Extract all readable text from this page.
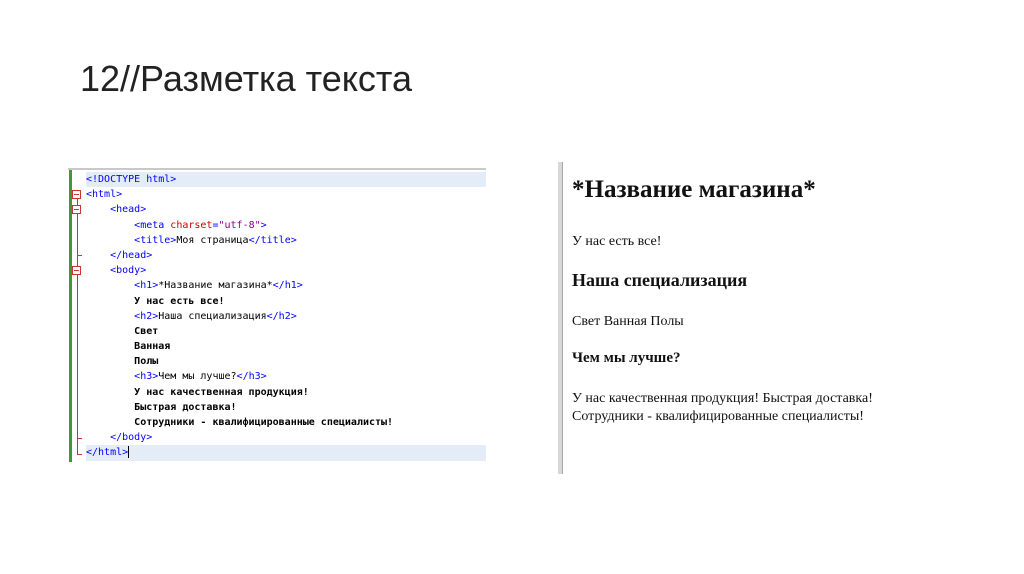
12//Разметка текста
<!DOCTYPE html>
<html>
<head>
<meta charset="utf-8">
<title>Моя страница</title>
</head>
<body>
<h1>*Название магазина*</h1>
У нас есть все!
<h2>Наша специализация</h2>
Свет
Ванная
Полы
<h3>Чем мы лучше?</h3>
У нас качественная продукция!
Быстрая доставка!
Сотрудники - квалифицированные специалисты!
</body>
</html>
*Название магазина*
У нас есть все!
Наша специализация
Свет Ванная Полы
Чем мы лучше?
У нас качественная продукция! Быстрая доставка! Сотрудники - квалифицированные специалисты!
